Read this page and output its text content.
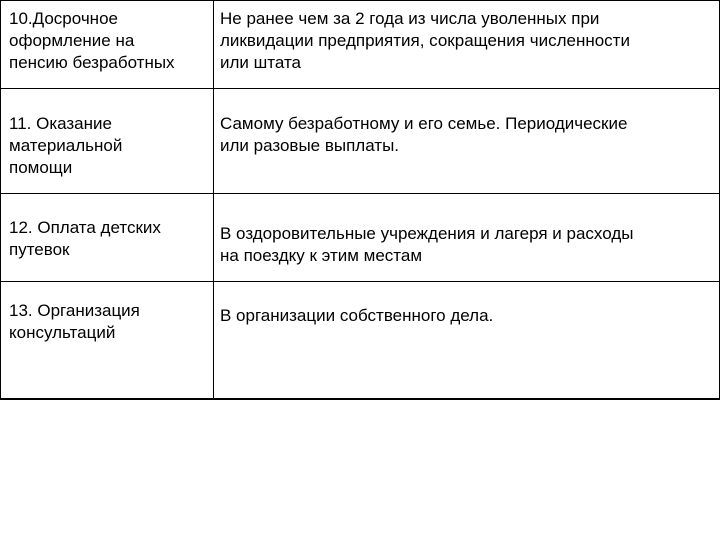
10.Досрочное
оформление на
пенсию безработных
Не ранее чем за 2 года из числа уволенных при
ликвидации предприятия, сокращения численности
или штата
11. Оказание
материальной
помощи
Самому безработному и его семье. Периодические
или разовые выплаты.
12. Оплата детских
путевок
В оздоровительные учреждения и лагеря и расходы
на поездку к этим местам
13. Организация
консультаций
В организации собственного дела.
